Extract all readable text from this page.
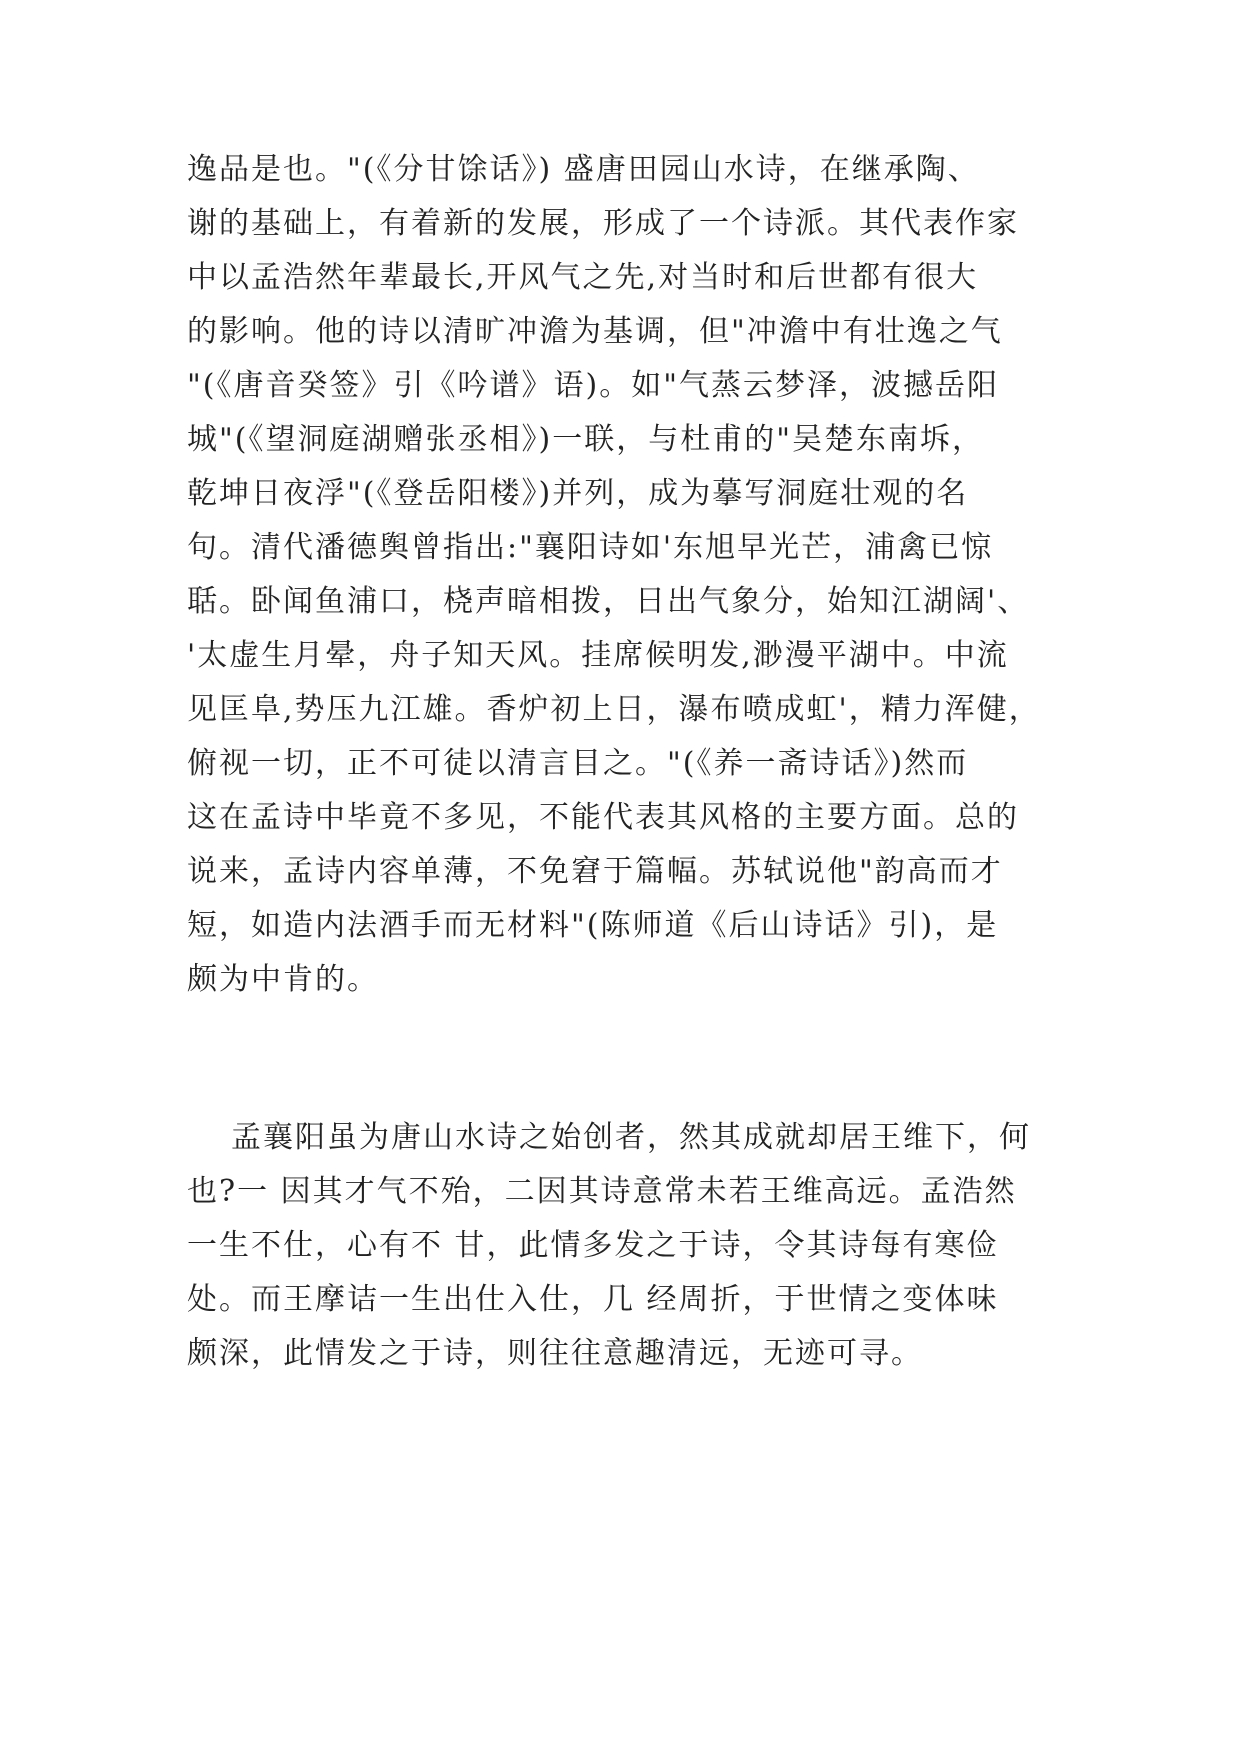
逸品是也。"(《分甘馀话》) 盛唐田园山水诗，在继承陶、
谢的基础上，有着新的发展，形成了一个诗派。其代表作家
中以孟浩然年辈最长,开风气之先,对当时和后世都有很大
的影响。他的诗以清旷冲澹为基调，但"冲澹中有壮逸之气
"(《唐音癸签》引《吟谱》语)。如"气蒸云梦泽，波撼岳阳
城"(《望洞庭湖赠张丞相》)一联，与杜甫的"吴楚东南坼，
乾坤日夜浮"(《登岳阳楼》)并列，成为摹写洞庭壮观的名
句。清代潘德舆曾指出:"襄阳诗如'东旭早光芒，浦禽已惊
聒。卧闻鱼浦口，桡声暗相拨，日出气象分，始知江湖阔'、
'太虚生月晕，舟子知天风。挂席候明发,渺漫平湖中。中流
见匡阜,势压九江雄。香炉初上日，瀑布喷成虹'，精力浑健，
俯视一切，正不可徒以清言目之。"(《养一斋诗话》)然而
这在孟诗中毕竟不多见，不能代表其风格的主要方面。总的
说来，孟诗内容单薄，不免窘于篇幅。苏轼说他"韵高而才
短，如造内法酒手而无材料"(陈师道《后山诗话》引)，是
颇为中肯的。
孟襄阳虽为唐山水诗之始创者，然其成就却居王维下，何
也?一 因其才气不殆，二因其诗意常未若王维高远。孟浩然
一生不仕，心有不 甘，此情多发之于诗，令其诗每有寒俭
处。而王摩诘一生出仕入仕，几 经周折，于世情之变体味
颇深，此情发之于诗，则往往意趣清远，无迹可寻。
